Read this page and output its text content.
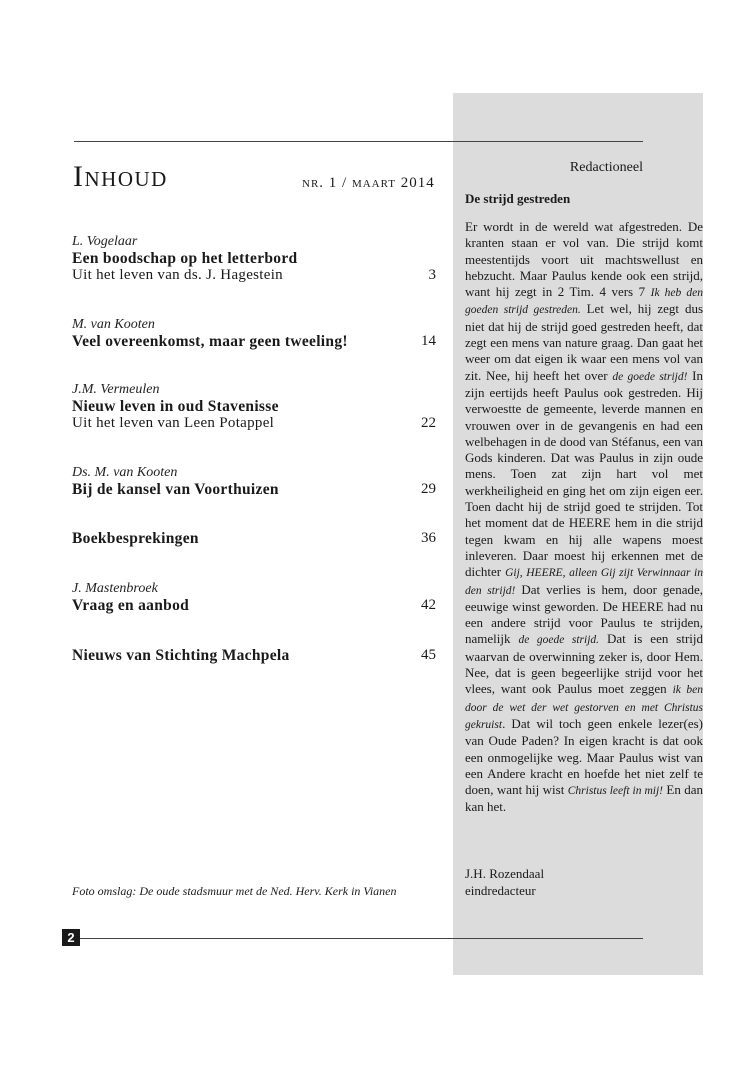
Inhoud	nr. 1 / maart 2014
L. Vogelaar
Een boodschap op het letterbord
Uit het leven van ds. J. Hagestein	3
M. van Kooten
Veel overeenkomst, maar geen tweeling!	14
J.M. Vermeulen
Nieuw leven in oud Stavenisse
Uit het leven van Leen Potappel	22
Ds. M. van Kooten
Bij de kansel van Voorthuizen	29
Boekbesprekingen	36
J. Mastenbroek
Vraag en aanbod	42
Nieuws van Stichting Machpela	45
Foto omslag: De oude stadsmuur met de Ned. Herv. Kerk in Vianen
Redactioneel
De strijd gestreden
Er wordt in de wereld wat afgestreden. De kranten staan er vol van. Die strijd komt meestentijds voort uit machtswellust en hebzucht. Maar Paulus kende ook een strijd, want hij zegt in 2 Tim. 4 vers 7 Ik heb den goeden strijd gestreden. Let wel, hij zegt dus niet dat hij de strijd goed gestreden heeft, dat zegt een mens van nature graag. Dan gaat het weer om dat eigen ik waar een mens vol van zit. Nee, hij heeft het over de goede strijd! In zijn eertijds heeft Paulus ook gestreden. Hij verwoestte de gemeente, leverde mannen en vrouwen over in de gevangenis en had een welbehagen in de dood van Stéfanus, een van Gods kinderen. Dat was Paulus in zijn oude mens. Toen zat zijn hart vol met werkheiligheid en ging het om zijn eigen eer. Toen dacht hij de strijd goed te strijden. Tot het moment dat de HEERE hem in die strijd tegen kwam en hij alle wapens moest inleveren. Daar moest hij erkennen met de dichter Gij, HEERE, alleen Gij zijt Verwinnaar in den strijd! Dat verlies is hem, door genade, eeuwige winst geworden. De HEERE had nu een andere strijd voor Paulus te strijden, namelijk de goede strijd. Dat is een strijd waarvan de overwinning zeker is, door Hem. Nee, dat is geen begeerlijke strijd voor het vlees, want ook Paulus moet zeggen ik ben door de wet der wet gestorven en met Christus gekruist. Dat wil toch geen enkele lezer(es) van Oude Paden? In eigen kracht is dat ook een onmogelijke weg. Maar Paulus wist van een Andere kracht en hoefde het niet zelf te doen, want hij wist Christus leeft in mij! En dan kan het.
J.H. Rozendaal
eindredacteur
2
